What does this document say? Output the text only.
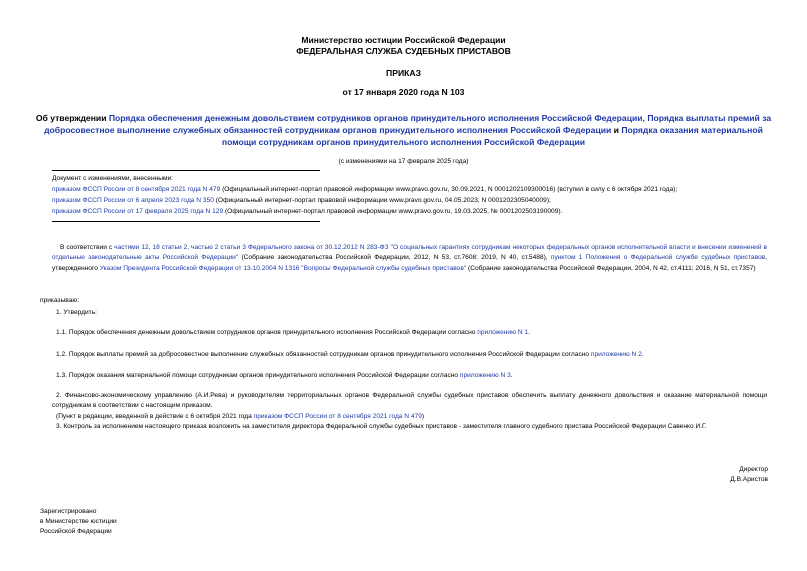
Министерство юстиции Российской Федерации
ФЕДЕРАЛЬНАЯ СЛУЖБА СУДЕБНЫХ ПРИСТАВОВ
ПРИКАЗ
от 17 января 2020 года N 103
Об утверждении Порядка обеспечения денежным довольствием сотрудников органов принудительного исполнения Российской Федерации, Порядка выплаты премий за добросовестное выполнение служебных обязанностей сотрудникам органов принудительного исполнения Российской Федерации и Порядка оказания материальной помощи сотрудникам органов принудительного исполнения Российской Федерации
(с изменениями на 17 февраля 2025 года)
Документ с изменениями, внесенными:
приказом ФССП России от 8 сентября 2021 года N 479 (Официальный интернет-портал правовой информации www.pravo.gov.ru, 30.09.2021, N 0001202109300016) (вступил в силу с 6 октября 2021 года);
приказом ФССП России от 6 апреля 2023 года N 350 (Официальный интернет-портал правовой информации www.pravo.gov.ru, 04.05.2023, N 0001202305040009);
приказом ФССП России от 17 февраля 2025 года N 129 (Официальный интернет-портал правовой информации www.pravo.gov.ru, 19.03.2025, № 0001202503190009).
В соответствии с частями 12, 18 статьи 2, частью 2 статьи 3 Федерального закона от 30.12.2012 N 283-ФЗ "О социальных гарантиях сотрудникам некоторых федеральных органов исполнительной власти и внесении изменений в отдельные законодательные акты Российской Федерации" (Собрание законодательства Российской Федерации, 2012, N 53, ст.7608; 2019, N 40, ст.5488), пунктом 1 Положения о Федеральной службе судебных приставов, утвержденного Указом Президента Российской Федерации от 13.10.2004 N 1316 "Вопросы Федеральной службы судебных приставов" (Собрание законодательства Российской Федерации, 2004, N 42, ст.4111; 2016, N 51, ст.7357)
приказываю:
1. Утвердить:
1.1. Порядок обеспечения денежным довольствием сотрудников органов принудительного исполнения Российской Федерации согласно приложению N 1.
1.2. Порядок выплаты премий за добросовестное выполнение служебных обязанностей сотрудникам органов принудительного исполнения Российской Федерации согласно приложению N 2.
1.3. Порядок оказания материальной помощи сотрудникам органов принудительного исполнения Российской Федерации согласно приложению N 3.
2. Финансово-экономическому управлению (А.И.Рева) и руководителям территориальных органов Федеральной службы судебных приставов обеспечить выплату денежного довольствия и оказание материальной помощи сотрудникам в соответствии с настоящим приказом.
(Пункт в редакции, введенной в действие с 6 октября 2021 года приказом ФССП России от 8 сентября 2021 года N 479)
3. Контроль за исполнением настоящего приказа возложить на заместителя директора Федеральной службы судебных приставов - заместителя главного судебного пристава Российской Федерации Савенко И.Г.
Директор
Д.В.Аристов
Зарегистрировано
в Министерстве юстиции
Российской Федерации
